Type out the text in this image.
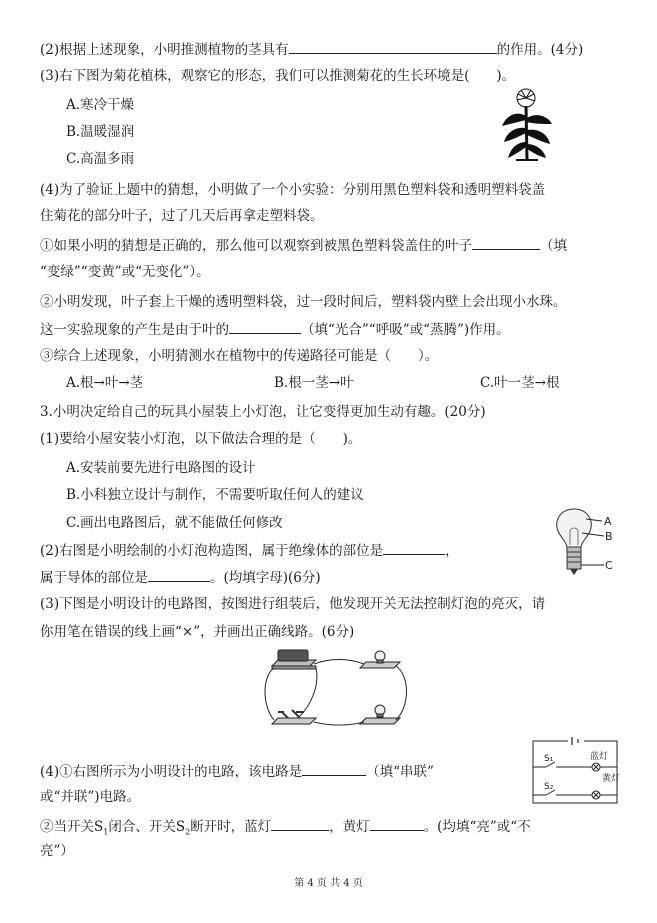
(2)根据上述现象，小明推测植物的茎具有	的作用。(4分)
(3)右下图为菊花植株，观察它的形态，我们可以推测菊花的生长环境是(　　)。
A.寒冷干燥
B.温暖湿润
C.高温多雨
(4)为了验证上题中的猜想，小明做了一个小实验：分别用黑色塑料袋和透明塑料袋盖
住菊花的部分叶子，过了几天后再拿走塑料袋。
①如果小明的猜想是正确的，那么他可以观察到被黑色塑料袋盖住的叶子	（填
“变绿”“变黄”或“无变化”）。
②小明发现，叶子套上干燥的透明塑料袋，过一段时间后，塑料袋内壁上会出现小水珠。
这一实验现象的产生是由于叶的	（填“光合”“呼吸”或“蒸腾”)作用。
③综合上述现象，小明猜测水在植物中的传递路径可能是（　　）。
A.根→叶→茎	B.根一茎→叶	C.叶一茎→根
3.小明决定给自己的玩具小屋装上小灯泡，让它变得更加生动有趣。(20分)
(1)要给小屋安装小灯泡，以下做法合理的是（　　)。
A.安装前要先进行电路图的设计
B.小科独立设计与制作，不需要听取任何人的建议
C.画出电路图后，就不能做任何修改	A
B
C
(2)右图是小明绘制的小灯泡构造图，属于绝缘体的部位是	，
属于导体的部位是	。(均填字母)(6分)
(3)下图是小明设计的电路图，按图进行组装后，他发现开关无法控制灯泡的亮灭，请
你用笔在错误的线上画“×”，并画出正确线路。(6分)
S₁
S₂
蓝灯
黄灯
(4)①右图所示为小明设计的电路，该电路是	（填“串联”
或“并联”)电路。
②当开关$S_1$闭合、开关$S_2$断开时，蓝灯	，黄灯	。(均填“亮”或“不
亮”）
第 4 页 共 4 页
